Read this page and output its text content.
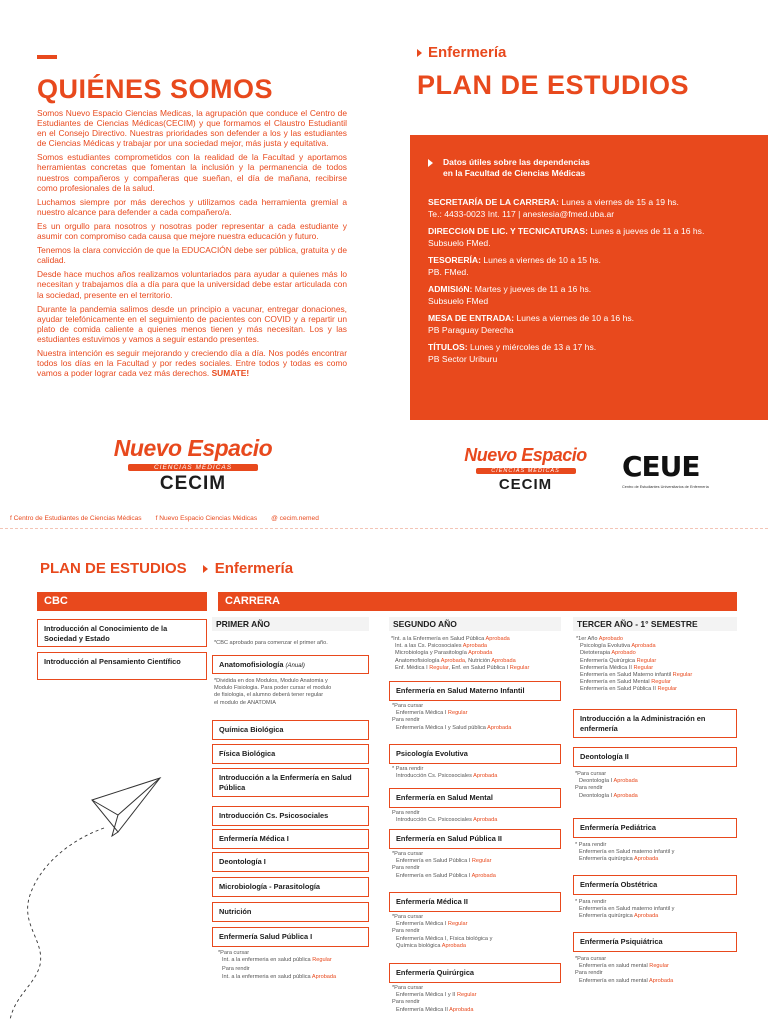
QUIÉNES SOMOS

Somos Nuevo Espacio Ciencias Medicas, la agrupación que conduce el Centro de Estudiantes de Ciencias Médicas(CECIM) y que formamos el Claustro Estudiantil en el Consejo Directivo. Nuestras prioridades son defender a los y las estudiantes de Ciencias Médicas y trabajar por una sociedad mejor, más justa y equitativa.

Somos estudiantes comprometidos con la realidad de la Facultad y aportamos herramientas concretas que fomentan la inclusión y la permanencia de todos nuestros compañeros y compañeras que sueñan, el día de mañana, recibirse como profesionales de la salud.

Luchamos siempre por más derechos y utilizamos cada herramienta gremial a nuestro alcance para defender a cada compañero/a.

Es un orgullo para nosotros y nosotras poder representar a cada estudiante y asumir con compromiso cada causa que mejore nuestra educación y futuro.

Tenemos la clara convicción de que la EDUCACIÓN debe ser pública, gratuita y de calidad.

Desde hace muchos años realizamos voluntariados para ayudar a quienes más lo necesitan y trabajamos día a día para que la universidad debe estar articulada con la sociedad, presente en el territorio.

Durante la pandemia salimos desde un principio a vacunar, entregar donaciones, ayudar telefónicamente en el seguimiento de pacientes con COVID y a repartir un plato de comida caliente a quienes menos tienen y más necesitan. Los y las estudiantes estuvimos y vamos a seguir estando presentes.

Nuestra intención es seguir mejorando y creciendo día a día. Nos podés encontrar todos los días en la Facultad y por redes sociales. Entre todos y todas es como vamos a poder lograr cada vez más derechos. SUMATE!

Enfermería
PLAN DE ESTUDIOS
Datos útiles sobre las dependencias
en la Facultad de Ciencias Médicas
SECRETARÍA DE LA CARRERA: Lunes a viernes de 15 a 19 hs.
Te.: 4433-0023 Int. 117 | anestesia@fmed.uba.ar
DIRECCIóN DE LIC. Y TECNICATURAS: Lunes a jueves de 11 a 16 hs.
Subsuelo FMed.
TESORERÍA: Lunes a viernes de 10 a 15 hs.
PB. FMed.
ADMISIóN: Martes y jueves de 11 a 16 hs.
Subsuelo FMed
MESA DE ENTRADA: Lunes a viernes de 10 a 16 hs.
PB Paraguay Derecha
TÍTULOS: Lunes y miércoles de 13 a 17 hs.
PB Sector Uriburu
Nuevo Espacio
CIENCIAS MÉDICAS
CECIM
Nuevo Espacio
CIENCIAS MÉDICAS
CECIM
CEUE
Centro de Estudiantes Universitarios de Enfermería
f Centro de Estudiantes de Ciencias Médicas f Nuevo Espacio Ciencias Médicas @ cecim.nemed
PLAN DE ESTUDIOS Enfermería
CBC	CARRERA
PRIMER AÑO	SEGUNDO AÑO	TERCER AÑO - 1° SEMESTRE
Introducción al Conocimiento de la Sociedad y Estado
Introducción al Pensamiento Científico
*CBC aprobado para comenzar el primer año.
Anatomofisiología (Anual)
*Dividida en dos Modulos, Modulo Anatomia y
Modulo Fisiologia. Para poder cursar el modulo
de fisiologia, el alumno deberá tener regular
el modulo de ANATOMIA
Química Biológica
Física Biológica
Introducción a la Enfermería en Salud Pública
Introducción Cs. Psicosociales
Enfermería Médica I
Deontología I
Microbiología - Parasitología
Nutrición
Enfermería Salud Pública I
*Para cursar
Int. a la enfermeria en salud pública Regular
Para rendir
Int. a la enfermeria en salud pública Aprobada
*Int. a la Enfermería en Salud Pública Aprobada
Int. a las Cs. Psicosociales Aprobada
Microbiología y Parasitología Aprobada
Anatomofisiología Aprobada, Nutrición Aprobada
Enf. Médica I Regular, Enf. en Salud Pública I Regular
Enfermería en Salud Materno Infantil
*Para cursar
Enfermería Médica I Regular
Para rendir
Enfermería Médica I y Salud pública Aprobada
Psicología Evolutiva
* Para rendir
Introducción Cs. Psicosociales Aprobada
Enfermería en Salud Mental
Para rendir
Introducción Cs. Psicosociales Aprobada
Enfermería en Salud Pública II
*Para cursar
Enfermería en Salud Pública I Regular
Para rendir
Enfermería en Salud Pública I Aprobada
Enfermería Médica II
*Para cursar
Enfermería Médica I Regular
Para rendir
Enfermería Médica I, Física biológica y
Química biológica Aprobada
Enfermería Quirúrgica
*Para cursar
Enfermería Médica I y II Regular
Para rendir
Enfermería Médica II Aprobada
*1er Año Aprobado
Psicología Evolutiva Aprobada
Dietoterapia Aprobado
Enfermería Quirúrgica Regular
Enfermería Médica II Regular
Enfermería en Salud Materno infantil Regular
Enfermería en Salud Mental Regular
Enfermería en Salud Pública II Regular
Introducción a la Administración en enfermería
Deontología II
*Para cursar
Deontología I Aprobada
Para rendir
Deontología I Aprobada
Enfermería Pediátrica
* Para rendir
Enfermería en Salud materno infantil y
Enfermería quirúrgica Aprobada
Enfermería Obstétrica
* Para rendir
Enfermería en Salud materno infantil y
Enfermería quirúrgica Aprobada
Enfermería Psiquiátrica
*Para cursar
Enfermería en salud mental Regular
Para rendir
Enfermería en salud mental Aprobada
